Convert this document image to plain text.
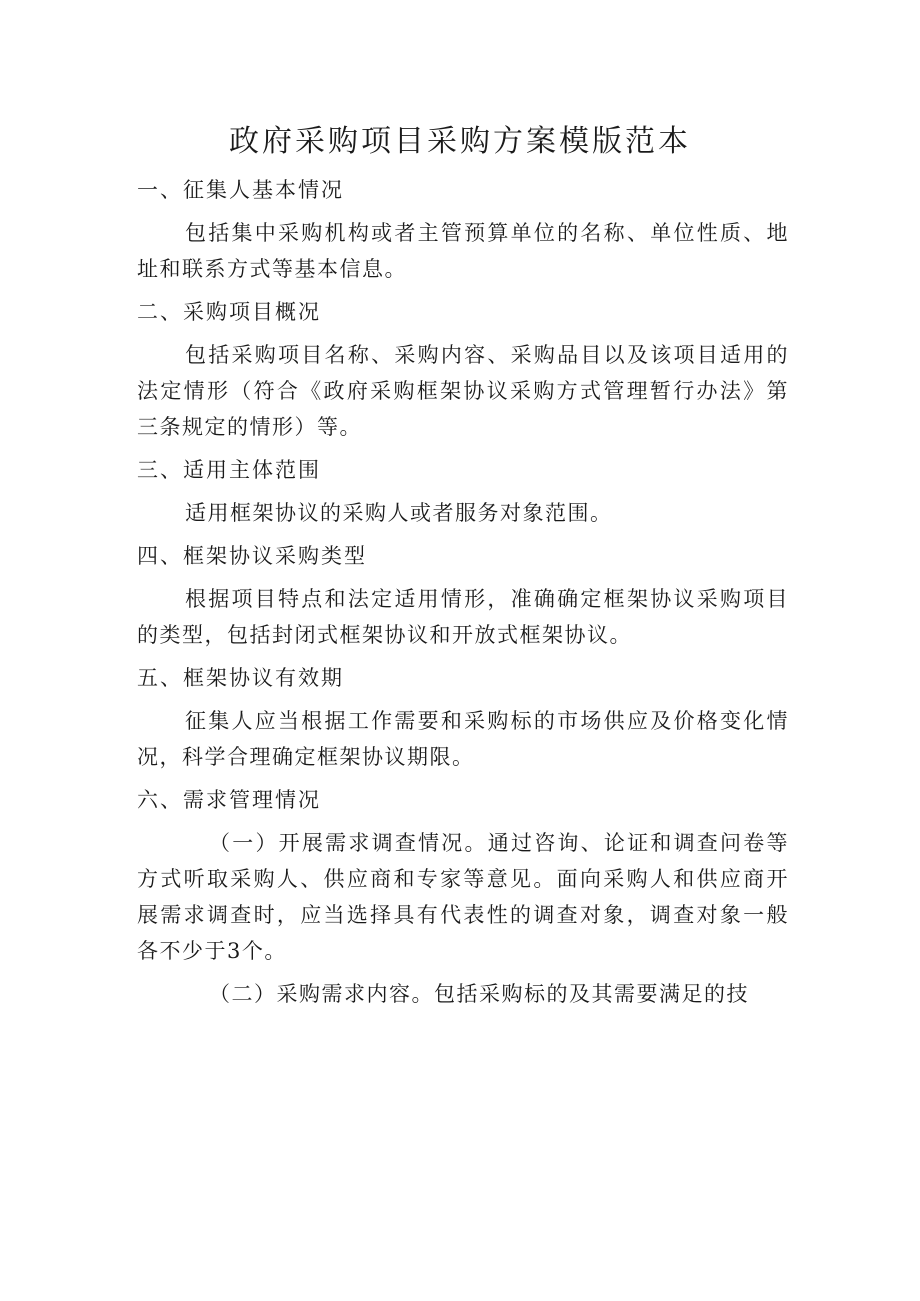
政府采购项目采购方案模版范本
一、征集人基本情况

包括集中采购机构或者主管预算单位的名称、单位性质、地址和联系方式等基本信息。

二、采购项目概况

包括采购项目名称、采购内容、采购品目以及该项目适用的法定情形（符合《政府采购框架协议采购方式管理暂行办法》第三条规定的情形）等。

三、适用主体范围

适用框架协议的采购人或者服务对象范围。

四、框架协议采购类型

根据项目特点和法定适用情形，准确确定框架协议采购项目的类型，包括封闭式框架协议和开放式框架协议。

五、框架协议有效期

征集人应当根据工作需要和采购标的市场供应及价格变化情况，科学合理确定框架协议期限。

六、需求管理情况

（一）开展需求调查情况。通过咨询、论证和调查问卷等方式听取采购人、供应商和专家等意见。面向采购人和供应商开展需求调查时，应当选择具有代表性的调查对象，调查对象一般各不少于3个。

（二）采购需求内容。包括采购标的及其需要满足的技
